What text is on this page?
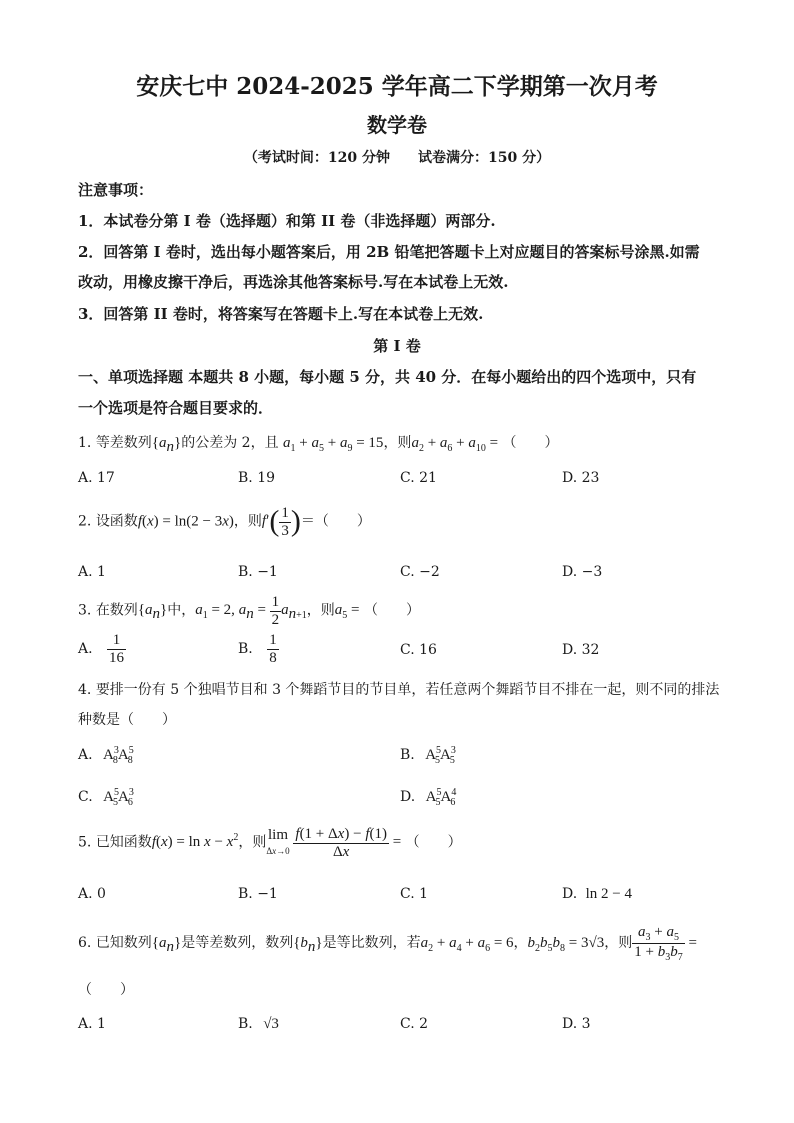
安庆七中 2024-2025 学年高二下学期第一次月考
数学卷
（考试时间：120 分钟　　试卷满分：150 分）
注意事项：
1．本试卷分第 I 卷（选择题）和第 II 卷（非选择题）两部分.
2．回答第 I 卷时，选出每小题答案后，用 2B 铅笔把答题卡上对应题目的答案标号涂黑.如需
改动，用橡皮擦干净后，再选涂其他答案标号.写在本试卷上无效.
3．回答第 II 卷时，将答案写在答题卡上.写在本试卷上无效.
第 I 卷
一、单项选择题 本题共 8 小题，每小题 5 分，共 40 分．在每小题给出的四个选项中，只有
一个选项是符合题目要求的．
1. 等差数列$\{a_n\}$的公差为 2，且 $a_1 + a_5 + a_9 = 15$，则$a_2 + a_6 + a_{10}$ = （　　）
A. 17	B. 19	C. 21	D. 23
2. 设函数f(x) = ln(2 − 3x)，则$f'( \frac{1}{3}$ )＝（　　）
A. 1	B. −1	C. −2	D. −3
3. 在数列$\{a_n\}$中，$a_1 = 2$, $a_n = \frac{1}{2} a_{n+1}$，则$a_5$ = （　　）
A. $\frac{1}{16}$	B. $\frac{1}{8}$	C. 16	D. 32
4. 要排一份有 5 个独唱节目和 3 个舞蹈节目的节目单，若任意两个舞蹈节目不排在一起，则不同的排法
种数是（　　）
A. $A^3_8A^5_8$	B. $A^5_5A^3_5$
C. $A^5_5A^3_6$	D. $A^5_5A^4_6$
5. 已知函数$f(x) = \ln x - x^2$，则 lim
$\Delta x\to 0 \frac{f(1 + \Delta x) - f(1)}{\Delta x}$ = （　　）
A. 0	B. −1	C. 1	D. ln 2 − 4
6. 已知数列$\{a_n\}$是等差数列，数列$\{b_n\}$是等比数列，若$a_2 + a_4 + a_6 = 6$，$b_2b_5b_8 = 3√3$，则 $\frac{a_3 + a_5}{1 + b_3b_7}$ =
（　　）
A. 1	B. √3	C. 2	D. 3
